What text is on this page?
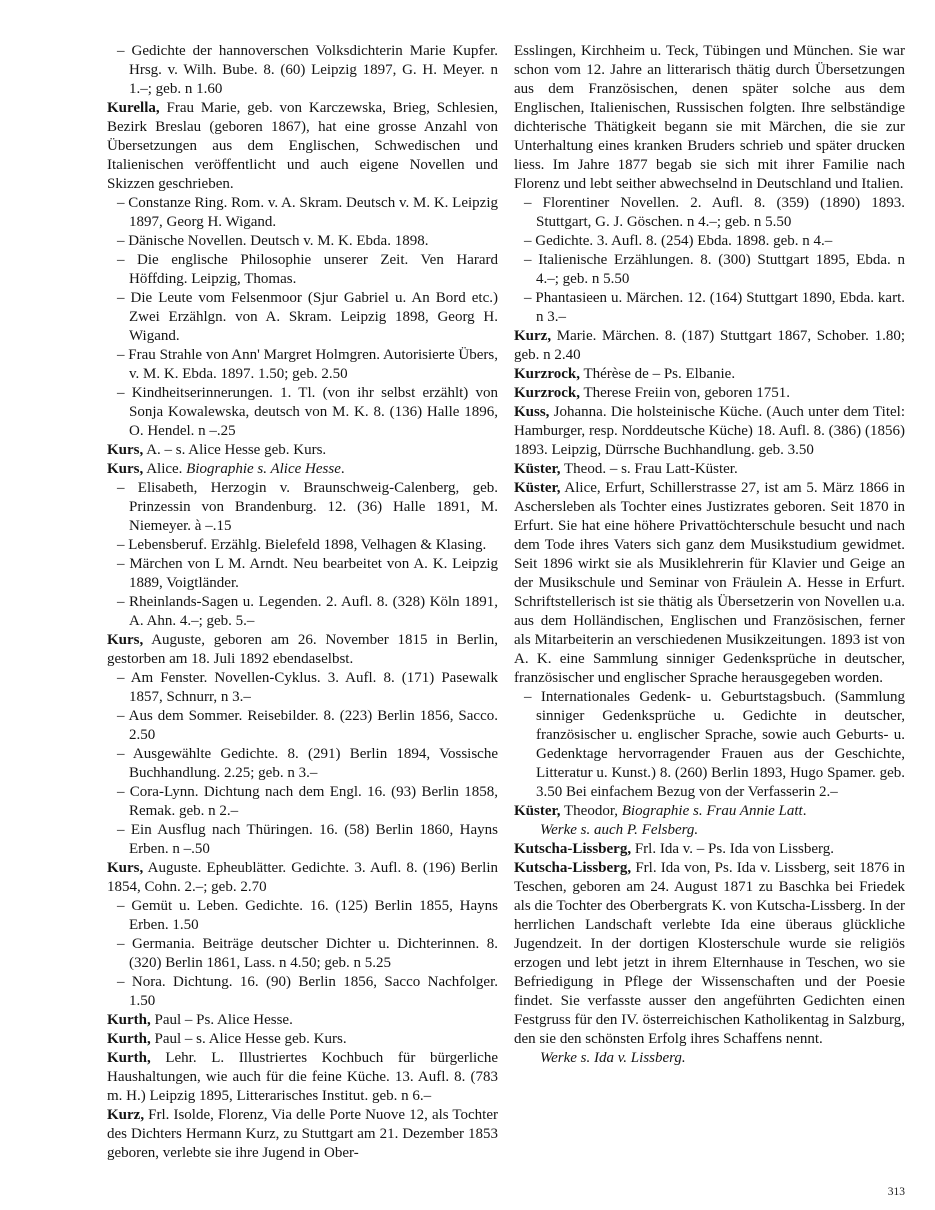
– Gedichte der hannoverschen Volksdichterin Marie Kupfer. Hrsg. v. Wilh. Bube. 8. (60) Leipzig 1897, G. H. Meyer. n 1.–; geb. n 1.60

Kurella, Frau Marie, geb. von Karczewska, Brieg, Schlesien, Bezirk Breslau (geboren 1867), hat eine grosse Anzahl von Übersetzungen aus dem Englischen, Schwedischen und Italienischen veröffentlicht und auch eigene Novellen und Skizzen geschrieben.

– Constanze Ring. Rom. v. A. Skram. Deutsch v. M. K. Leipzig 1897, Georg H. Wigand.

– Dänische Novellen. Deutsch v. M. K. Ebda. 1898.

– Die englische Philosophie unserer Zeit. Ven Harard Höffding. Leipzig, Thomas.

– Die Leute vom Felsenmoor (Sjur Gabriel u. An Bord etc.) Zwei Erzählgn. von A. Skram. Leipzig 1898, Georg H. Wigand.

– Frau Strahle von Ann' Margret Holmgren. Autorisierte Übers, v. M. K. Ebda. 1897. 1.50; geb. 2.50

– Kindheitserinnerungen. 1. Tl. (von ihr selbst erzählt) von Sonja Kowalewska, deutsch von M. K. 8. (136) Halle 1896, O. Hendel. n –.25

Kurs, A. – s. Alice Hesse geb. Kurs.

Kurs, Alice. Biographie s. Alice Hesse.

– Elisabeth, Herzogin v. Braunschweig-Calenberg, geb. Prinzessin von Brandenburg. 12. (36) Halle 1891, M. Niemeyer. à –.15

– Lebensberuf. Erzählg. Bielefeld 1898, Velhagen & Klasing.

– Märchen von L M. Arndt. Neu bearbeitet von A. K. Leipzig 1889, Voigtländer.

– Rheinlands-Sagen u. Legenden. 2. Aufl. 8. (328) Köln 1891, A. Ahn. 4.–; geb. 5.–

Kurs, Auguste, geboren am 26. November 1815 in Berlin, gestorben am 18. Juli 1892 ebendaselbst.

– Am Fenster. Novellen-Cyklus. 3. Aufl. 8. (171) Pasewalk 1857, Schnurr, n 3.–

– Aus dem Sommer. Reisebilder. 8. (223) Berlin 1856, Sacco. 2.50

– Ausgewählte Gedichte. 8. (291) Berlin 1894, Vossische Buchhandlung. 2.25; geb. n 3.–

– Cora-Lynn. Dichtung nach dem Engl. 16. (93) Berlin 1858, Remak. geb. n 2.–

– Ein Ausflug nach Thüringen. 16. (58) Berlin 1860, Hayns Erben. n –.50

Kurs, Auguste. Epheublätter. Gedichte. 3. Aufl. 8. (196) Berlin 1854, Cohn. 2.–; geb. 2.70

– Gemüt u. Leben. Gedichte. 16. (125) Berlin 1855, Hayns Erben. 1.50

– Germania. Beiträge deutscher Dichter u. Dichterinnen. 8. (320) Berlin 1861, Lass. n 4.50; geb. n 5.25

– Nora. Dichtung. 16. (90) Berlin 1856, Sacco Nachfolger. 1.50

Kurth, Paul – Ps. Alice Hesse.

Kurth, Paul – s. Alice Hesse geb. Kurs.

Kurth, Lehr. L. Illustriertes Kochbuch für bürgerliche Haushaltungen, wie auch für die feine Küche. 13. Aufl. 8. (783 m. H.) Leipzig 1895, Litterarisches Institut. geb. n 6.–

Kurz, Frl. Isolde, Florenz, Via delle Porte Nuove 12, als Tochter des Dichters Hermann Kurz, zu Stuttgart am 21. Dezember 1853 geboren, verlebte sie ihre Jugend in Ober-

Esslingen, Kirchheim u. Teck, Tübingen und München. Sie war schon vom 12. Jahre an litterarisch thätig durch Übersetzungen aus dem Französischen, denen später solche aus dem Englischen, Italienischen, Russischen folgten. Ihre selbständige dichterische Thätigkeit begann sie mit Märchen, die sie zur Unterhaltung eines kranken Bruders schrieb und später drucken liess. Im Jahre 1877 begab sie sich mit ihrer Familie nach Florenz und lebt seither abwechselnd in Deutschland und Italien.

– Florentiner Novellen. 2. Aufl. 8. (359) (1890) 1893. Stuttgart, G. J. Göschen. n 4.–; geb. n 5.50

– Gedichte. 3. Aufl. 8. (254) Ebda. 1898. geb. n 4.–

– Italienische Erzählungen. 8. (300) Stuttgart 1895, Ebda. n 4.–; geb. n 5.50

– Phantasieen u. Märchen. 12. (164) Stuttgart 1890, Ebda. kart. n 3.–

Kurz, Marie. Märchen. 8. (187) Stuttgart 1867, Schober. 1.80; geb. n 2.40

Kurzrock, Thérèse de – Ps. Elbanie.

Kurzrock, Therese Freiin von, geboren 1751.

Kuss, Johanna. Die holsteinische Küche. (Auch unter dem Titel: Hamburger, resp. Norddeutsche Küche) 18. Aufl. 8. (386) (1856) 1893. Leipzig, Dürrsche Buchhandlung. geb. 3.50

Küster, Theod. – s. Frau Latt-Küster.

Küster, Alice, Erfurt, Schillerstrasse 27, ist am 5. März 1866 in Aschersleben als Tochter eines Justizrates geboren. Seit 1870 in Erfurt. Sie hat eine höhere Privattöchterschule besucht und nach dem Tode ihres Vaters sich ganz dem Musikstudium gewidmet. Seit 1896 wirkt sie als Musiklehrerin für Klavier und Geige an der Musikschule und Seminar von Fräulein A. Hesse in Erfurt. Schriftstellerisch ist sie thätig als Übersetzerin von Novellen u.a. aus dem Holländischen, Englischen und Französischen, ferner als Mitarbeiterin an verschiedenen Musikzeitungen. 1893 ist von A. K. eine Sammlung sinniger Gedenksprüche in deutscher, französischer und englischer Sprache herausgegeben worden.

– Internationales Gedenk- u. Geburtstagsbuch. (Sammlung sinniger Gedenksprüche u. Gedichte in deutscher, französischer u. englischer Sprache, sowie auch Geburts- u. Gedenktage hervorragender Frauen aus der Geschichte, Litteratur u. Kunst.) 8. (260) Berlin 1893, Hugo Spamer. geb. 3.50 Bei einfachem Bezug von der Verfasserin 2.–

Küster, Theodor, Biographie s. Frau Annie Latt.

Werke s. auch P. Felsberg.

Kutscha-Lissberg, Frl. Ida v. – Ps. Ida von Lissberg.

Kutscha-Lissberg, Frl. Ida von, Ps. Ida v. Lissberg, seit 1876 in Teschen, geboren am 24. August 1871 zu Baschka bei Friedek als die Tochter des Oberbergrats K. von Kutscha-Lissberg. In der herrlichen Landschaft verlebte Ida eine überaus glückliche Jugendzeit. In der dortigen Klosterschule wurde sie religiös erzogen und lebt jetzt in ihrem Elternhause in Teschen, wo sie Befriedigung in Pflege der Wissenschaften und der Poesie findet. Sie verfasste ausser den angeführten Gedichten einen Festgruss für den IV. österreichischen Katholikentag in Salzburg, den sie den schönsten Erfolg ihres Schaffens nennt.

Werke s. Ida v. Lissberg.

313
